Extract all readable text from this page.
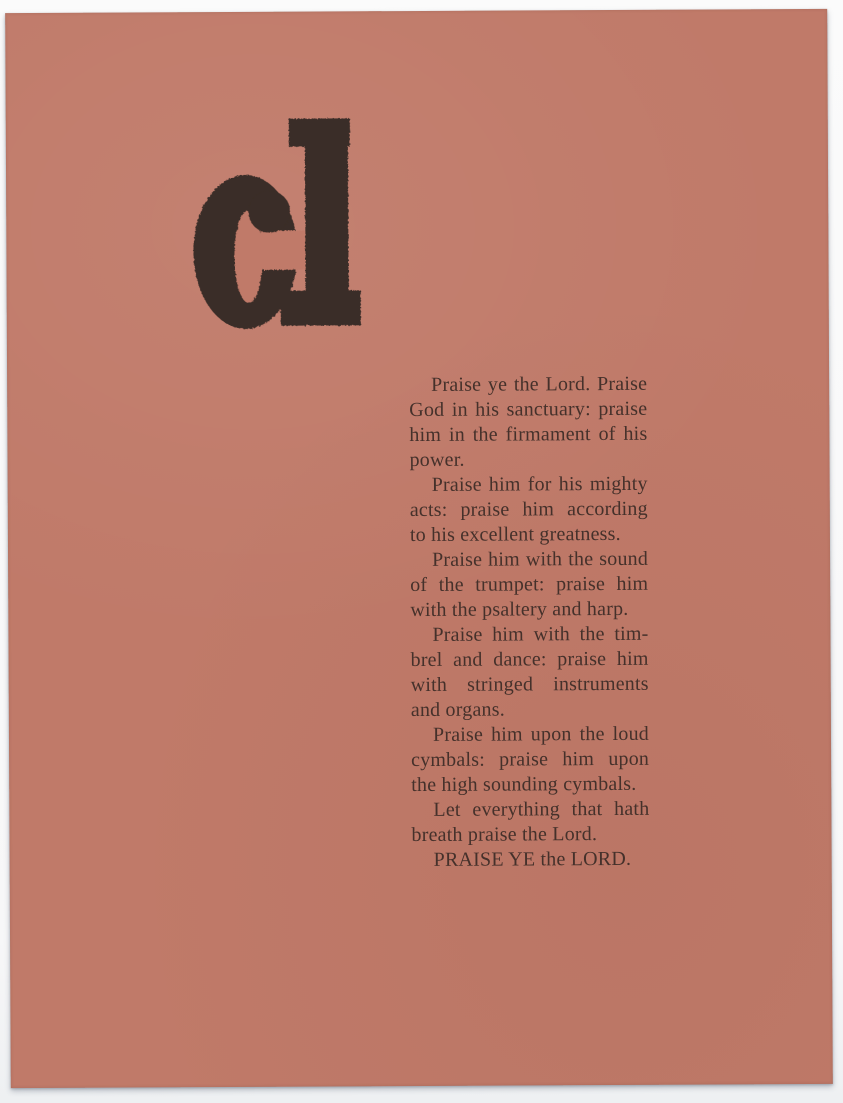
Praise ye the Lord. Praise
God in his sanctuary: praise
him in the firmament of his
power.

Praise him for his mighty
acts: praise him according
to his excellent greatness.

Praise him with the sound
of the trumpet: praise him
with the psaltery and harp.

Praise him with the tim-
brel and dance: praise him
with stringed instruments
and organs.

Praise him upon the loud
cymbals: praise him upon
the high sounding cymbals.

Let everything that hath
breath praise the Lord.

PRAISE YE the LORD.
